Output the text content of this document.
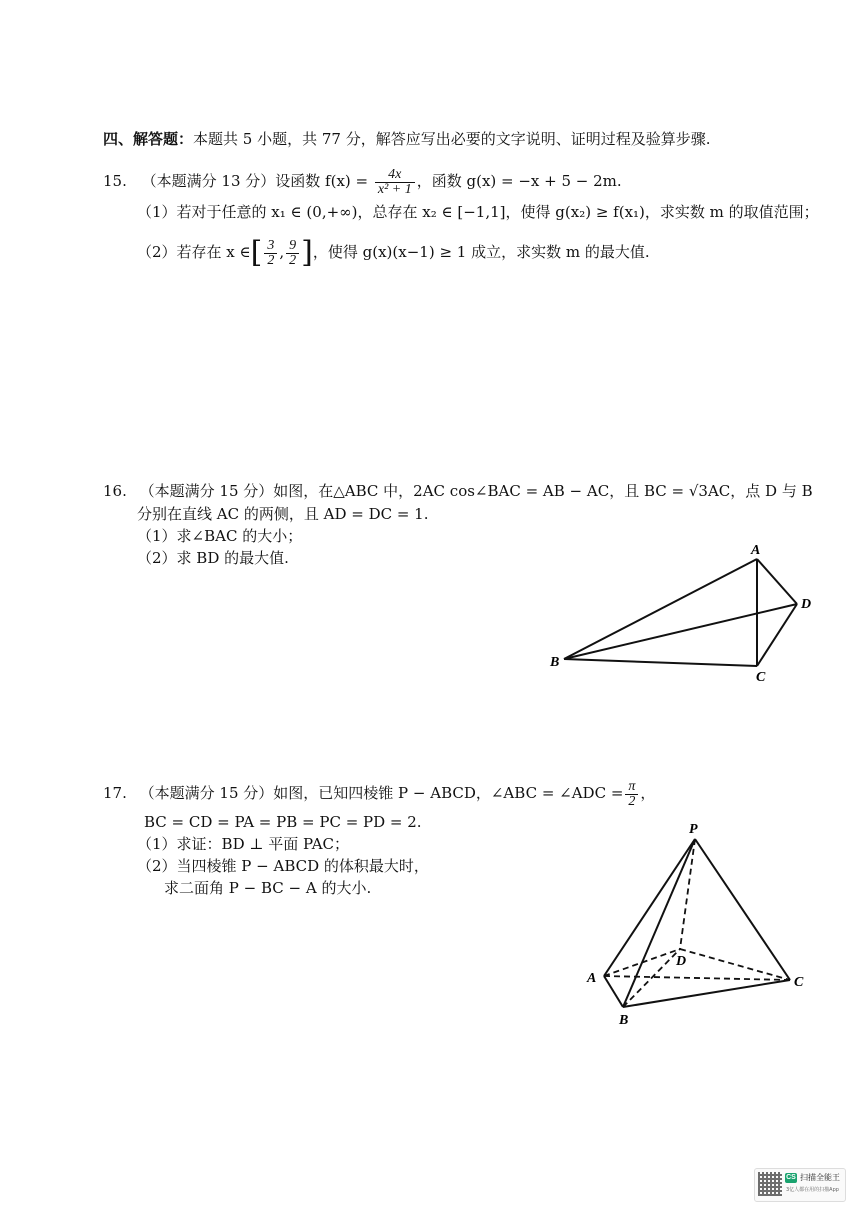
四、解答题：本题共 5 小题，共 77 分，解答应写出必要的文字说明、证明过程及验算步骤.
15. （本题满分 13 分）设函数 $f(x) = \frac{4x}{\text{x² + 1}}$ ，函数 g(x) = −x + 5 − 2m.
（1）若对于任意的 x₁ ∈ (0,+∞)，总存在 x₂ ∈ [−1,1]，使得 g(x₂) ≥ f(x₁)，求实数 m 的取值范围；
（2）若存在 x ∈[ $\frac{3}{2}$ , $\frac{9}{2}$ ]，使得 g(x)(x−1) ≥ 1 成立，求实数 m 的最大值.
16. （本题满分 15 分）如图，在△ABC 中，2AC cos∠BAC = AB − AC，且 BC = √3AC，点 D 与 B
分别在直线 AC 的两侧，且 AD = DC = 1.
（1）求∠BAC 的大小；
（2）求 BD 的最大值.	A
B
C
D
17. （本题满分 15 分）如图，已知四棱锥 P − ABCD，∠ABC = ∠ADC = $\frac{\pi}{2}$ ，
BC = CD = PA = PB = PC = PD = 2.
（1）求证：BD ⊥ 平面 PAC；
（2）当四棱锥 P − ABCD 的体积最大时，
求二面角 P − BC − A 的大小.
P
A
B
C
D
CS 扫描全能王
3亿人都在用的扫描App
